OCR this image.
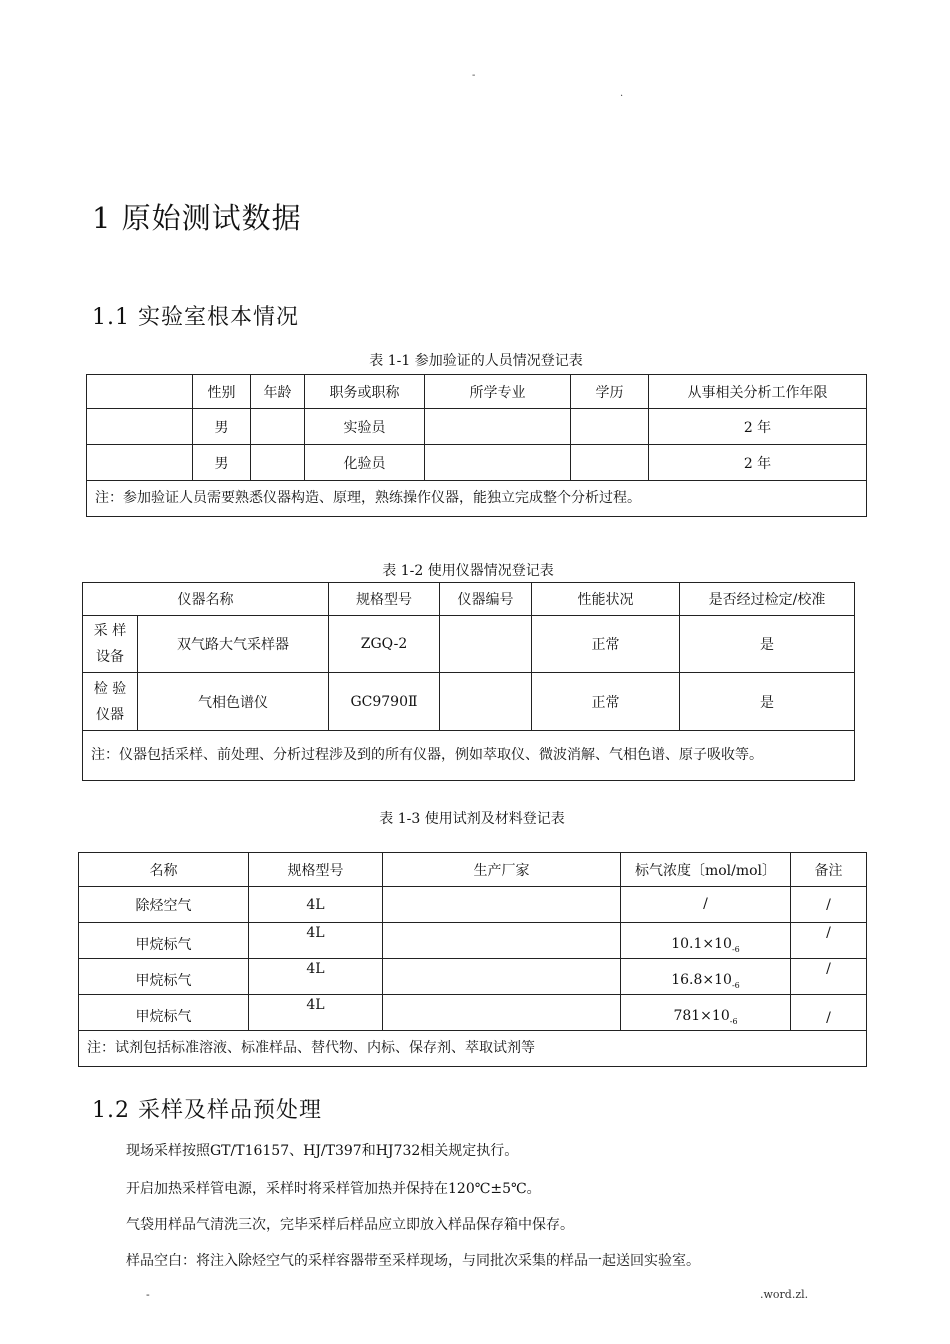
-
.
1 原始测试数据
1.1 实验室根本情况
表 1-1 参加验证的人员情况登记表
	性别	年龄	职务或职称	所学专业	学历	从事相关分析工作年限
	男		实验员			2 年
	男		化验员			2 年
注：参加验证人员需要熟悉仪器构造、原理，熟练操作仪器，能独立完成整个分析过程。						
表 1-2 使用仪器情况登记表
仪器名称		规格型号	仪器编号	性能状况	是否经过检定/校准
采 样 设备	双气路大气采样器	ZGQ-2		正常	是
检 验 仪器	气相色谱仪	GC9790Ⅱ		正常	是
注：仪器包括采样、前处理、分析过程涉及到的所有仪器，例如萃取仪、微波消解、气相色谱、原子吸收等。					
表 1-3 使用试剂及材料登记表
名称	规格型号	生产厂家	标气浓度〔mol/mol〕	备注
除烃空气	4L		/	/
甲烷标气	4L		$10.1\times 10_{-6}$	/
甲烷标气	4L		$16.8\times 10_{-6}$	/
甲烷标气	4L		$781\times 10_{-6}$	/
注：试剂包括标准溶液、标准样品、替代物、内标、保存剂、萃取试剂等				
1.2 采样及样品预处理
现场采样按照GT/T16157、HJ/T397和HJ732相关规定执行。
开启加热采样管电源，采样时将采样管加热并保持在120℃±5℃。
气袋用样品气清洗三次，完毕采样后样品应立即放入样品保存箱中保存。
样品空白：将注入除烃空气的采样容器带至采样现场，与同批次采集的样品一起送回实验室。
-	.word.zl.
